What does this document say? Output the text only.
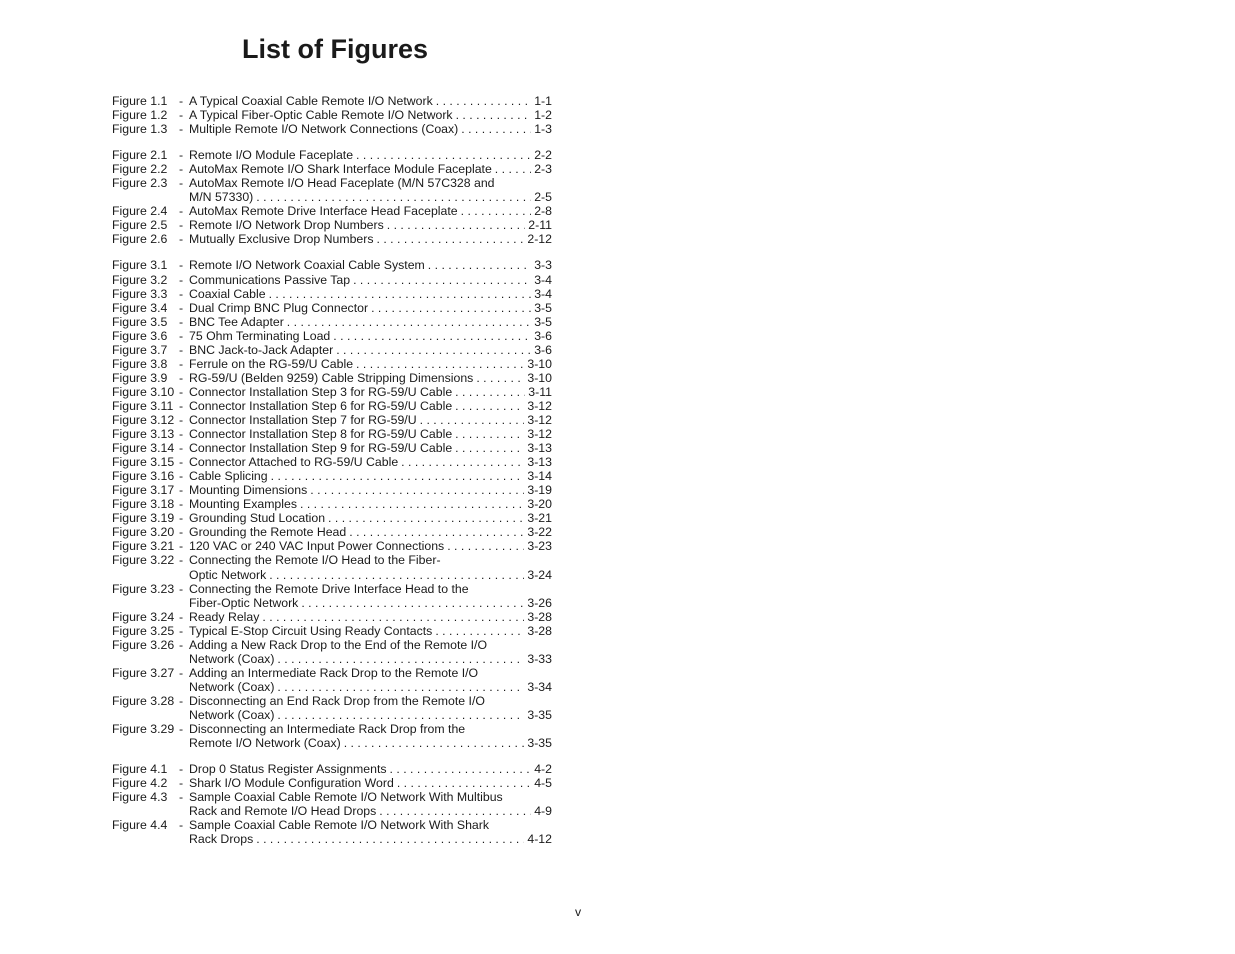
List of Figures
Figure 1.1 - A Typical Coaxial Cable Remote I/O Network . . .	1-1
Figure 1.2 - A Typical Fiber-Optic Cable Remote I/O Network . . .	1-2
Figure 1.3 - Multiple Remote I/O Network Connections (Coax) . . .	1-3
Figure 2.1 - Remote I/O Module Faceplate . . .	2-2
Figure 2.2 - AutoMax Remote I/O Shark Interface Module Faceplate . . .	2-3
Figure 2.3 - AutoMax Remote I/O Head Faceplate (M/N 57C328 and
M/N 57330) . . .	2-5
Figure 2.4 - AutoMax Remote Drive Interface Head Faceplate . . .	2-8
Figure 2.5 - Remote I/O Network Drop Numbers . . .	2-11
Figure 2.6 - Mutually Exclusive Drop Numbers . . .	2-12
Figure 3.1 - Remote I/O Network Coaxial Cable System . . .	3-3
Figure 3.2 - Communications Passive Tap . . .	3-4
Figure 3.3 - Coaxial Cable . . .	3-4
Figure 3.4 - Dual Crimp BNC Plug Connector . . .	3-5
Figure 3.5 - BNC Tee Adapter . . .	3-5
Figure 3.6 - 75 Ohm Terminating Load . . .	3-6
Figure 3.7 - BNC Jack-to-Jack Adapter . . .	3-6
Figure 3.8 - Ferrule on the RG-59/U Cable . . .	3-10
Figure 3.9 - RG-59/U (Belden 9259) Cable Stripping Dimensions . . .	3-10
Figure 3.10 - Connector Installation Step 3 for RG-59/U Cable . . .	3-11
Figure 3.11 - Connector Installation Step 6 for RG-59/U Cable . . .	3-12
Figure 3.12 - Connector Installation Step 7 for RG-59/U . . .	3-12
Figure 3.13 - Connector Installation Step 8 for RG-59/U Cable . . .	3-12
Figure 3.14 - Connector Installation Step 9 for RG-59/U Cable . . .	3-13
Figure 3.15 - Connector Attached to RG-59/U Cable . . .	3-13
Figure 3.16 - Cable Splicing . . .	3-14
Figure 3.17 - Mounting Dimensions . . .	3-19
Figure 3.18 - Mounting Examples . . .	3-20
Figure 3.19 - Grounding Stud Location . . .	3-21
Figure 3.20 - Grounding the Remote Head . . .	3-22
Figure 3.21 - 120 VAC or 240 VAC Input Power Connections . . .	3-23
Figure 3.22 - Connecting the Remote I/O Head to the Fiber-
Optic Network . . .	3-24
Figure 3.23 - Connecting the Remote Drive Interface Head to the
Fiber-Optic Network . . .	3-26
Figure 3.24 - Ready Relay . . .	3-28
Figure 3.25 - Typical E-Stop Circuit Using Ready Contacts . . .	3-28
Figure 3.26 - Adding a New Rack Drop to the End of the Remote I/O
Network (Coax) . . .	3-33
Figure 3.27 - Adding an Intermediate Rack Drop to the Remote I/O
Network (Coax) . . .	3-34
Figure 3.28 - Disconnecting an End Rack Drop from the Remote I/O
Network (Coax) . . .	3-35
Figure 3.29 - Disconnecting an Intermediate Rack Drop from the
Remote I/O Network (Coax) . . .	3-35
Figure 4.1 - Drop 0 Status Register Assignments . . .	4-2
Figure 4.2 - Shark I/O Module Configuration Word . . .	4-5
Figure 4.3 - Sample Coaxial Cable Remote I/O Network With Multibus
Rack and Remote I/O Head Drops . . .	4-9
Figure 4.4 - Sample Coaxial Cable Remote I/O Network With Shark
Rack Drops . . .	4-12
v
